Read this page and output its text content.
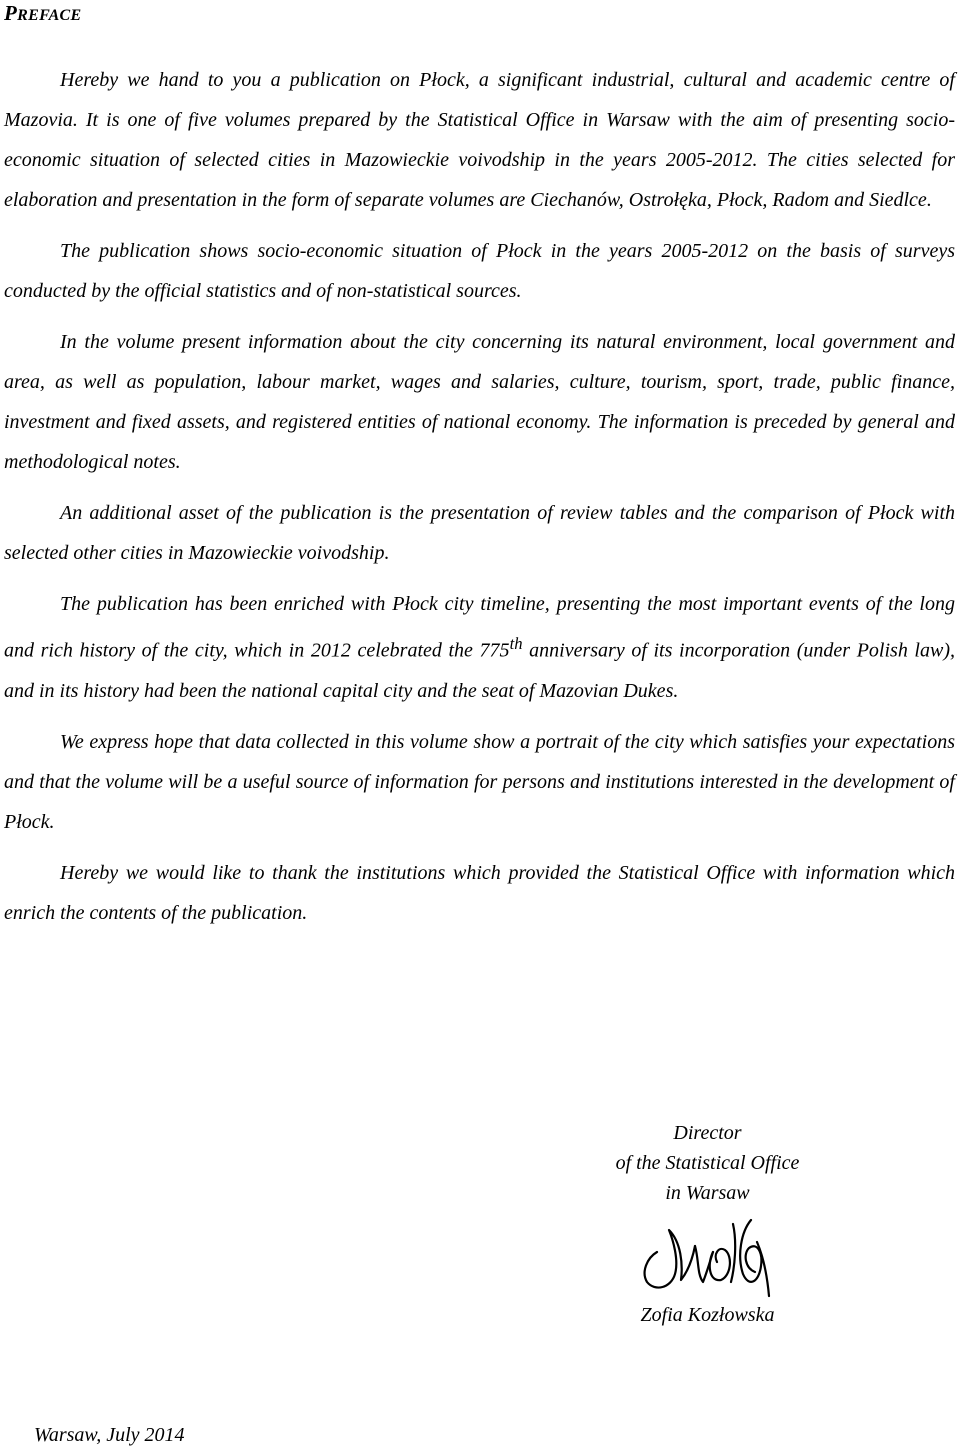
PREFACE

Hereby we hand to you a publication on Płock, a significant industrial, cultural and academic centre of Mazovia. It is one of five volumes prepared by the Statistical Office in Warsaw with the aim of presenting socio-economic situation of selected cities in Mazowieckie voivodship in the years 2005-2012. The cities selected for elaboration and presentation in the form of separate volumes are Ciechanów, Ostrołęka, Płock, Radom and Siedlce.

The publication shows socio-economic situation of Płock in the years 2005-2012 on the basis of surveys conducted by the official statistics and of non-statistical sources.

In the volume present information about the city concerning its natural environment, local government and area, as well as population, labour market, wages and salaries, culture, tourism, sport, trade, public finance, investment and fixed assets, and registered entities of national economy. The information is preceded by general and methodological notes.

An additional asset of the publication is the presentation of review tables and the comparison of Płock with selected other cities in Mazowieckie voivodship.

The publication has been enriched with Płock city timeline, presenting the most important events of the long and rich history of the city, which in 2012 celebrated the 775th anniversary of its incorporation (under Polish law), and in its history had been the national capital city and the seat of Mazovian Dukes.

We express hope that data collected in this volume show a portrait of the city which satisfies your expectations and that the volume will be a useful source of information for persons and institutions interested in the development of Płock.

Hereby we would like to thank the institutions which provided the Statistical Office with information which enrich the contents of the publication.

Director
of the Statistical Office
in Warsaw
Zofia Kozłowska
Warsaw, July 2014
